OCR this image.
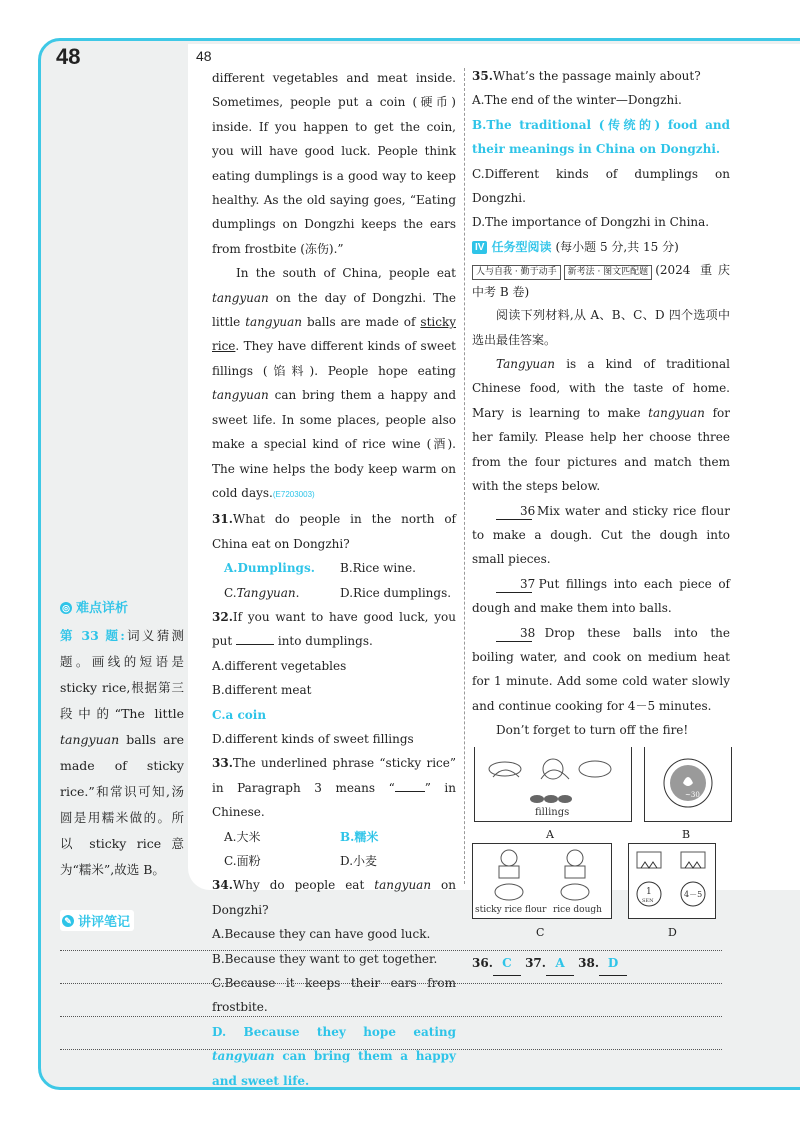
48	48

different vegetables and meat inside. Sometimes, people put a coin (硬币) inside. If you happen to get the coin, you will have good luck. People think eating dumplings is a good way to keep healthy. As the old saying goes, “Eating dumplings on Dongzhi keeps the ears from frostbite (冻伤).”

In the south of China, people eat tangyuan on the day of Dongzhi. The little tangyuan balls are made of sticky rice. They have different kinds of sweet fillings (馅料). People hope eating tangyuan can bring them a happy and sweet life. In some places, people also make a special kind of rice wine (酒). The wine helps the body keep warm on cold days.(E7203003)

31.What do people in the north of China eat on Dongzhi?

A.Dumplings.	B.Rice wine.
C.Tangyuan.	D.Rice dumplings.

32.If you want to have good luck, you put	into dumplings.

A.different vegetables

B.different meat

C.a coin

D.different kinds of sweet fillings

33.The underlined phrase “sticky rice” in Paragraph 3 means “	” in Chinese.

A.大米	B.糯米
C.面粉	D.小麦

34.Why do people eat tangyuan on Dongzhi?

A.Because they can have good luck.

B.Because they want to get together.

C.Because it keeps their ears from frostbite.

D. Because they hope eating tangyuan can bring them a happy and sweet life.

35.What’s the passage mainly about?

A.The end of the winter—Dongzhi.

B.The traditional (传统的) food and their meanings in China on Dongzhi.

C.Different kinds of dumplings on Dongzhi.

D.The importance of Dongzhi in China.

IV 任务型阅读 (每小题 5 分,共 15 分)

人与自我 · 勤于动手 新考法 · 图文匹配题 (2024 重庆中考 B 卷)

阅读下列材料,从 A、B、C、D 四个选项中选出最佳答案。

Tangyuan is a kind of traditional Chinese food, with the taste of home. Mary is learning to make tangyuan for her family. Please help her choose three from the four pictures and match them with the steps below.

36 Mix water and sticky rice flour to make a dough. Cut the dough into small pieces.

37 Put fillings into each piece of dough and make them into balls.

38 Drop these balls into the boiling water, and cook on medium heat for 1 minute. Add some cold water slowly and continue cooking for 4－5 minutes.

Don’t forget to turn off the fire!

fillings
A
~30
B
sticky rice flour rice dough
C
1
SEN
4－5
D
36. C 37. A 38. D
◎ 难点详析
第 33 题:词义猜测题。画线的短语是 sticky rice,根据第三段中的“The little tangyuan balls are made of sticky rice.”和常识可知,汤圆是用糯米做的。所以 sticky rice 意为“糯米”,故选 B。
✎ 讲评笔记
